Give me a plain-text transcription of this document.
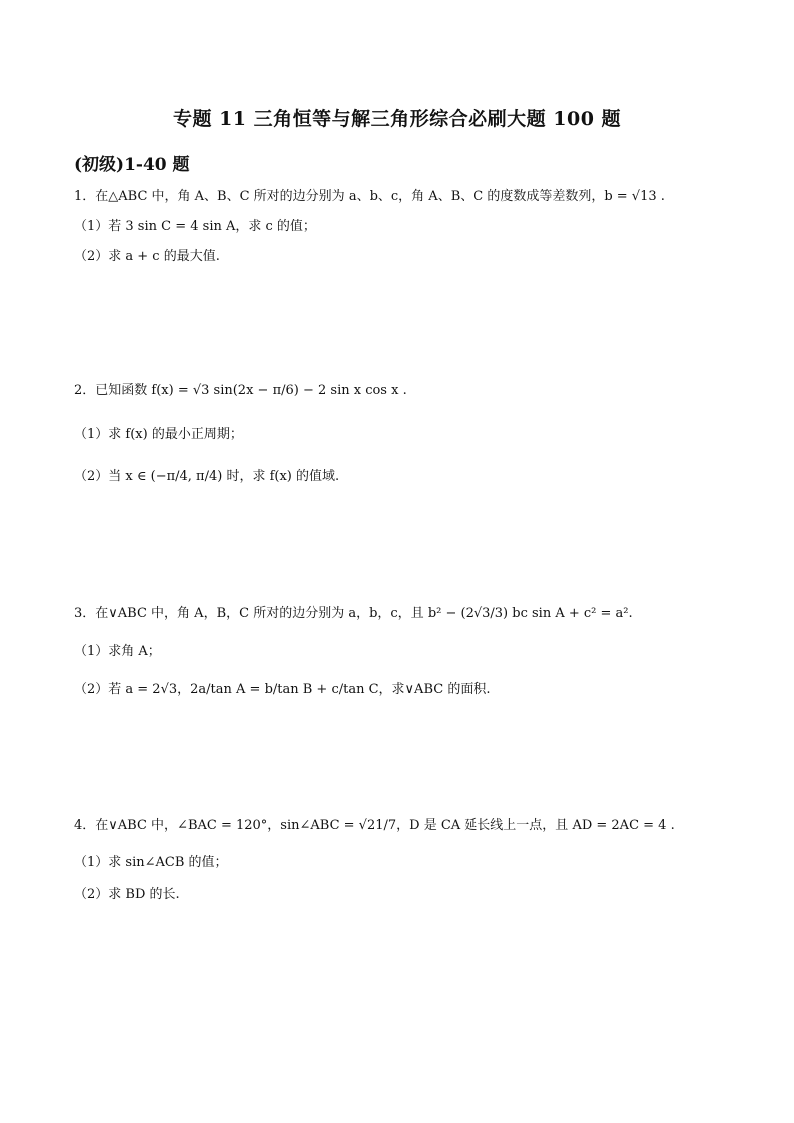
专题 11 三角恒等与解三角形综合必刷大题 100 题
(初级)1-40 题
1．在△ABC 中，角 A、B、C 所对的边分别为 a、b、c，角 A、B、C 的度数成等差数列，b = √13 .
（1）若 3 sin C = 4 sin A，求 c 的值；
（2）求 a + c 的最大值.
2．已知函数 f(x) = √3 sin(2x − π/6) − 2 sin x cos x .
（1）求 f(x) 的最小正周期；
（2）当 x ∈ (−π/4, π/4) 时，求 f(x) 的值域.
3．在∨ABC 中，角 A，B，C 所对的边分别为 a，b，c，且 b² − (2√3/3) bc sin A + c² = a².
（1）求角 A；
（2）若 a = 2√3，2a/tan A = b/tan B + c/tan C，求∨ABC 的面积.
4．在∨ABC 中，∠BAC = 120°，sin∠ABC = √21/7，D 是 CA 延长线上一点，且 AD = 2AC = 4 .
（1）求 sin∠ACB 的值；
（2）求 BD 的长.
